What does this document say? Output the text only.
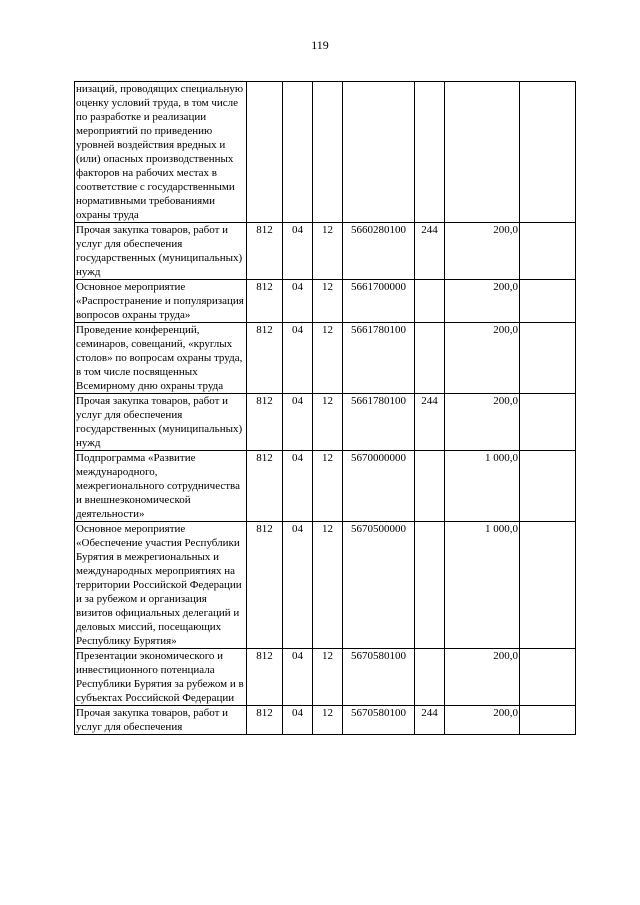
119
низаций, проводящих специальную оценку условий труда, в том числе по разработке и реализации мероприятий по приведению уровней воздействия вредных и (или) опасных производственных факторов на рабочих местах в соответствие с государственными нормативными требованиями охраны труда							
Прочая закупка товаров, работ и услуг для обеспечения государственных (муниципальных) нужд	812	04	12	5660280100	244	200,0	
Основное мероприятие «Распространение и популяризация вопросов охраны труда»	812	04	12	5661700000		200,0	
Проведение конференций, семинаров, совещаний, «круглых столов» по вопросам охраны труда, в том числе посвященных Всемирному дню охраны труда	812	04	12	5661780100		200,0	
Прочая закупка товаров, работ и услуг для обеспечения государственных (муниципальных) нужд	812	04	12	5661780100	244	200,0	
Подпрограмма «Развитие международного, межрегионального сотрудничества и внешнеэкономической деятельности»	812	04	12	5670000000		1 000,0	
Основное мероприятие «Обеспечение участия Республики Бурятия в межрегиональных и международных мероприятиях на территории Российской Федерации и за рубежом и организация визитов официальных делегаций и деловых миссий, посещающих Республику Бурятия»	812	04	12	5670500000		1 000,0	
Презентации экономического и инвестиционного потенциала Республики Бурятия за рубежом и в субъектах Российской Федерации	812	04	12	5670580100		200,0	
Прочая закупка товаров, работ и услуг для обеспечения	812	04	12	5670580100	244	200,0	
